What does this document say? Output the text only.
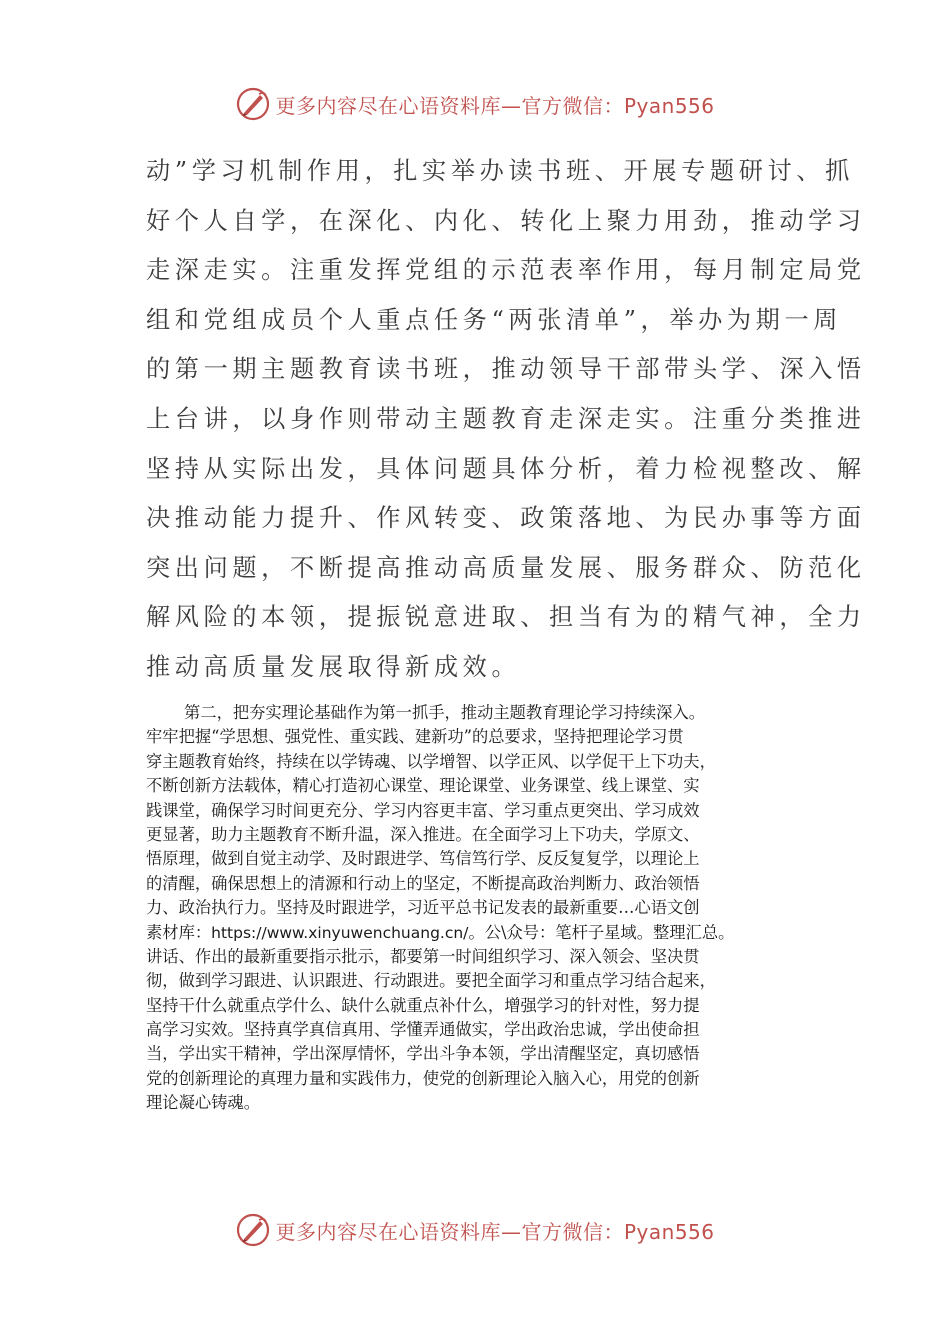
更多内容尽在心语资料库—官方微信：Pyan556
动”学习机制作用，扎实举办读书班、开展专题研讨、抓
好个人自学，在深化、内化、转化上聚力用劲，推动学习
走深走实。注重发挥党组的示范表率作用，每月制定局党
组和党组成员个人重点任务“两张清单”，举办为期一周
的第一期主题教育读书班，推动领导干部带头学、深入悟
上台讲，以身作则带动主题教育走深走实。注重分类推进
坚持从实际出发，具体问题具体分析，着力检视整改、解
决推动能力提升、作风转变、政策落地、为民办事等方面
突出问题，不断提高推动高质量发展、服务群众、防范化
解风险的本领，提振锐意进取、担当有为的精气神，全力
推动高质量发展取得新成效。
第二，把夯实理论基础作为第一抓手，推动主题教育理论学习持续深入。
牢牢把握“学思想、强党性、重实践、建新功”的总要求，坚持把理论学习贯
穿主题教育始终，持续在以学铸魂、以学增智、以学正风、以学促干上下功夫，
不断创新方法载体，精心打造初心课堂、理论课堂、业务课堂、线上课堂、实
践课堂，确保学习时间更充分、学习内容更丰富、学习重点更突出、学习成效
更显著，助力主题教育不断升温，深入推进。在全面学习上下功夫，学原文、
悟原理，做到自觉主动学、及时跟进学、笃信笃行学、反反复复学，以理论上
的清醒，确保思想上的清源和行动上的坚定，不断提高政治判断力、政治领悟
力、政治执行力。坚持及时跟进学，习近平总书记发表的最新重要…心语文创
素材库：https://www.xinyuwenchuang.cn/。公\众号：笔杆子星域。整理汇总。
讲话、作出的最新重要指示批示，都要第一时间组织学习、深入领会、坚决贯
彻，做到学习跟进、认识跟进、行动跟进。要把全面学习和重点学习结合起来，
坚持干什么就重点学什么、缺什么就重点补什么，增强学习的针对性，努力提
高学习实效。坚持真学真信真用、学懂弄通做实，学出政治忠诚，学出使命担
当，学出实干精神，学出深厚情怀，学出斗争本领，学出清醒坚定，真切感悟
党的创新理论的真理力量和实践伟力，使党的创新理论入脑入心，用党的创新
理论凝心铸魂。
更多内容尽在心语资料库—官方微信：Pyan556
